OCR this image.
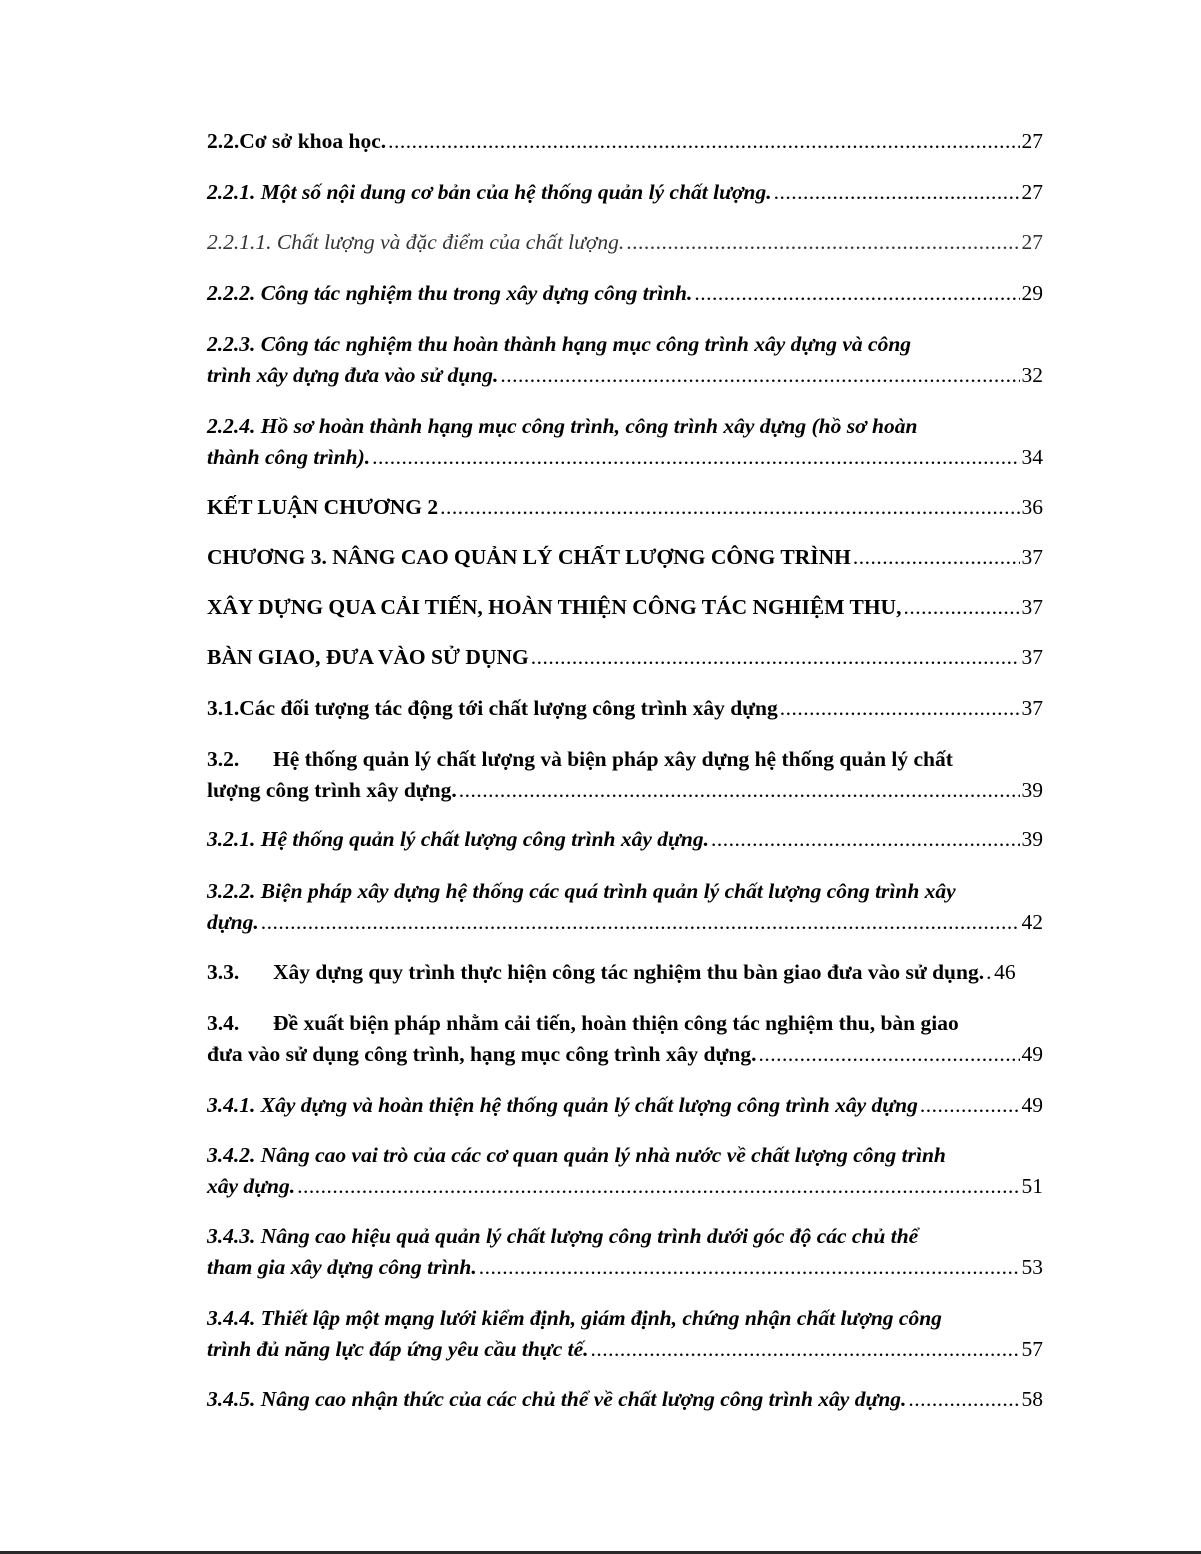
2.2. Cơ sở khoa học. .....	27
2.2.1. Một số nội dung cơ bản của hệ thống quản lý chất lượng. .....	27
2.2.1.1. Chất lượng và đặc điểm của chất lượng. .....	27
2.2.2. Công tác nghiệm thu trong xây dựng công trình. .....	29
2.2.3. Công tác nghiệm thu hoàn thành hạng mục công trình xây dựng và công
trình xây dựng đưa vào sử dụng. .....	32
2.2.4. Hồ sơ hoàn thành hạng mục công trình, công trình xây dựng (hồ sơ hoàn
thành công trình). .....	34
KẾT LUẬN CHƯƠNG 2 .....	36
CHƯƠNG 3. NÂNG CAO QUẢN LÝ CHẤT LƯỢNG CÔNG TRÌNH .....	37
XÂY DỰNG QUA CẢI TIẾN, HOÀN THIỆN CÔNG TÁC NGHIỆM THU, .....	37
BÀN GIAO, ĐƯA VÀO SỬ DỤNG .....	37
3.1. Các đối tượng tác động tới chất lượng công trình xây dựng .....	37
3.2. Hệ thống quản lý chất lượng và biện pháp xây dựng hệ thống quản lý chất
lượng công trình xây dựng. .....	39
3.2.1. Hệ thống quản lý chất lượng công trình xây dựng. .....	39
3.2.2. Biện pháp xây dựng hệ thống các quá trình quản lý chất lượng công trình xây
dựng. .....	42
3.3.	Xây dựng quy trình thực hiện công tác nghiệm thu bàn giao đưa vào sử dụng. ..... 46
3.4. Đề xuất biện pháp nhằm cải tiến, hoàn thiện công tác nghiệm thu, bàn giao
đưa vào sử dụng công trình, hạng mục công trình xây dựng. .....	49
3.4.1. Xây dựng và hoàn thiện hệ thống quản lý chất lượng công trình xây dựng .....	49
3.4.2. Nâng cao vai trò của các cơ quan quản lý nhà nước về chất lượng công trình
xây dựng. .....	51
3.4.3. Nâng cao hiệu quả quản lý chất lượng công trình dưới góc độ các chủ thể
tham gia xây dựng công trình. .....	53
3.4.4. Thiết lập một mạng lưới kiểm định, giám định, chứng nhận chất lượng công
trình đủ năng lực đáp ứng yêu cầu thực tế. .....	57
3.4.5. Nâng cao nhận thức của các chủ thể về chất lượng công trình xây dựng. .....	58
